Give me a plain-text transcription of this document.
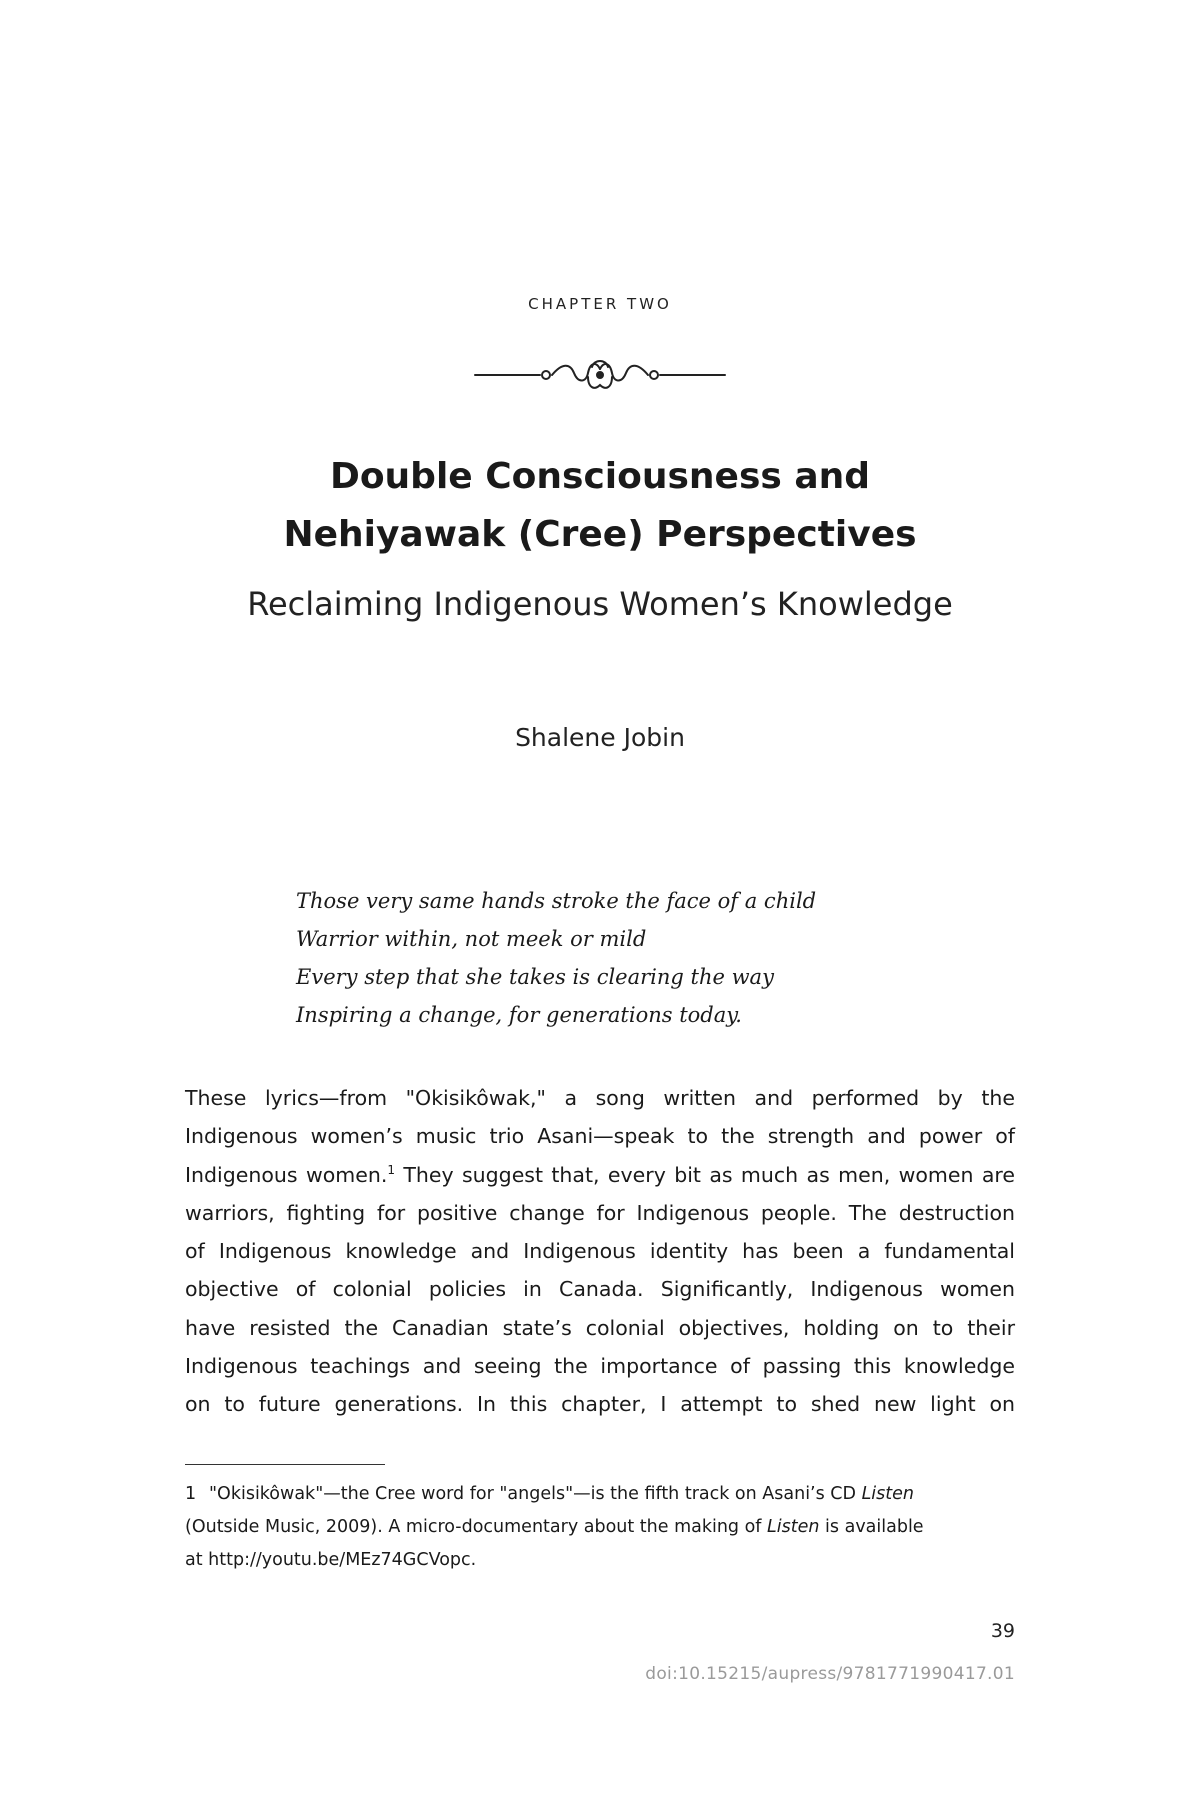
CHAPTER TWO
Double Consciousness and
Nehiyawak (Cree) Perspectives
Reclaiming Indigenous Women’s Knowledge
Shalene Jobin
Those very same hands stroke the face of a child
Warrior within, not meek or mild
Every step that she takes is clearing the way
Inspiring a change, for generations today.
These lyrics—from "Okisikôwak," a song written and performed by the
Indigenous women’s music trio Asani—speak to the strength and power of
Indigenous women.$^1$ They suggest that, every bit as much as men, women are
warriors, fighting for positive change for Indigenous people. The destruction
of Indigenous knowledge and Indigenous identity has been a fundamental
objective of colonial policies in Canada. Significantly, Indigenous women
have resisted the Canadian state’s colonial objectives, holding on to their
Indigenous teachings and seeing the importance of passing this knowledge
on to future generations. In this chapter, I attempt to shed new light on
1 "Okisikôwak"—the Cree word for "angels"—is the fifth track on Asani’s CD Listen
(Outside Music, 2009). A micro-documentary about the making of Listen is available
at http://youtu.be/MEz74GCVopc.
39
doi:10.15215/aupress/9781771990417.01
